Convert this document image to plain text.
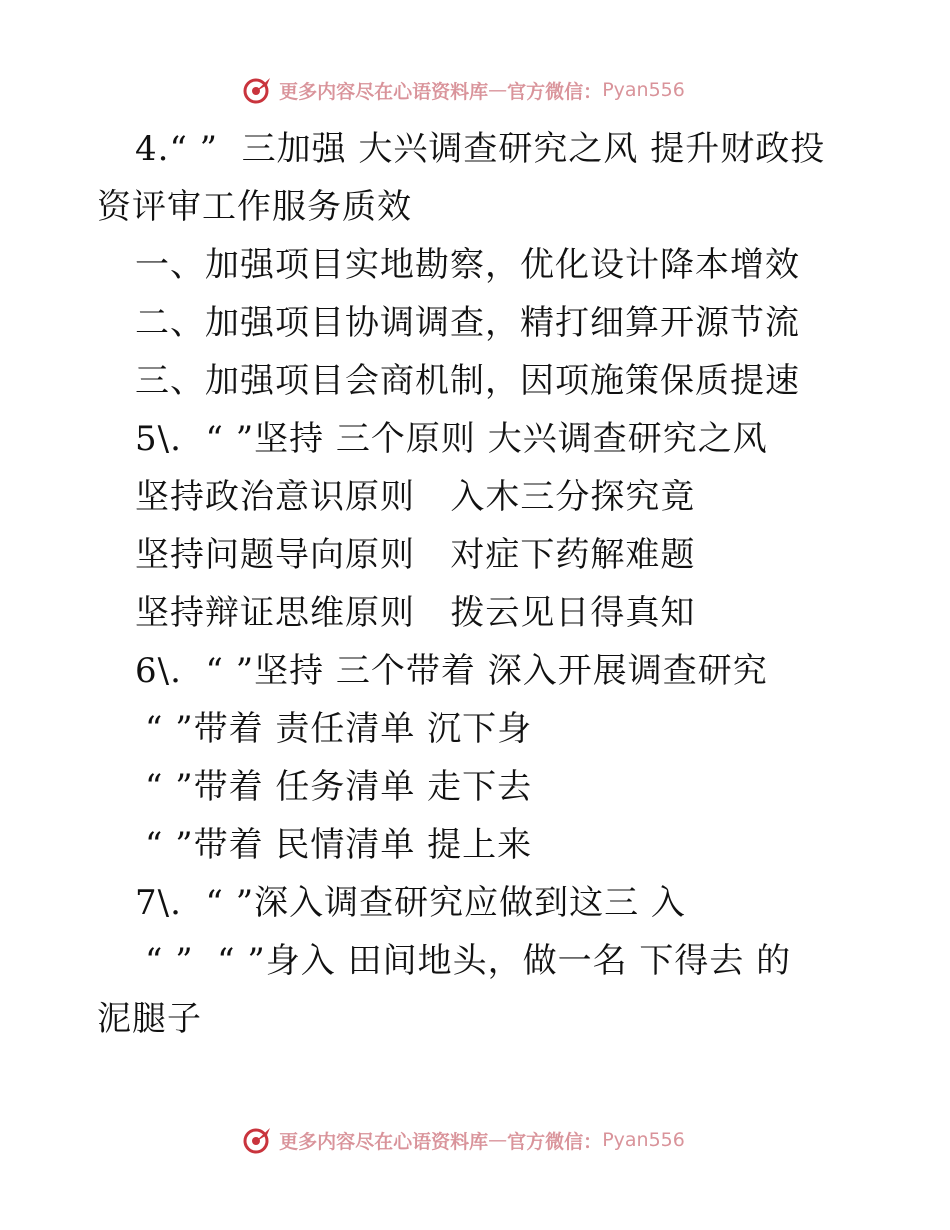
更多内容尽在心语资料库 — 官方微信： Pyan556
4.“ ”  三加强 大兴调查研究之风 提升财政投
资评审工作服务质效
一、加强项目实地勘察，优化设计降本增效
二、加强项目协调调查，精打细算开源节流
三、加强项目会商机制，因项施策保质提速
5\.  “ ”坚持 三个原则 大兴调查研究之风
坚持政治意识原则   入木三分探究竟
坚持问题导向原则   对症下药解难题
坚持辩证思维原则   拨云见日得真知
6\.  “ ”坚持 三个带着 深入开展调查研究
“ ”带着 责任清单 沉下身
“ ”带着 任务清单 走下去
“ ”带着 民情清单 提上来
7\.  “ ”深入调查研究应做到这三 入
“ ”  “ ”身入 田间地头，做一名 下得去 的
泥腿子
更多内容尽在心语资料库 — 官方微信： Pyan556
